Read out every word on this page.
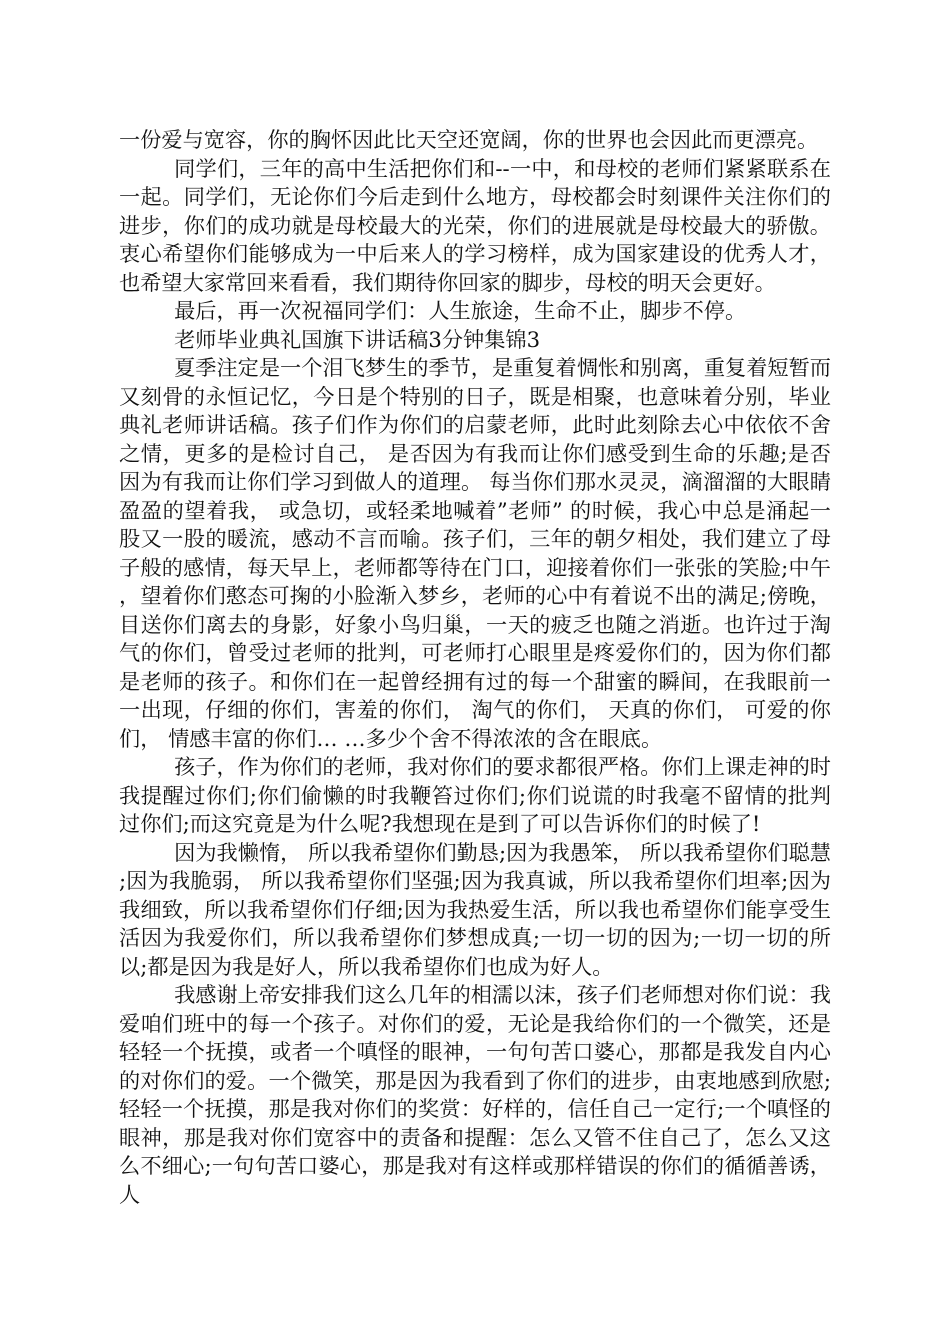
一份爱与宽容，你的胸怀因此比天空还宽阔，你的世界也会因此而更漂亮。

同学们，三年的高中生活把你们和--一中，和母校的老师们紧紧联系在一起。同学们，无论你们今后走到什么地方，母校都会时刻课件关注你们的进步，你们的成功就是母校最大的光荣，你们的进展就是母校最大的骄傲。衷心希望你们能够成为一中后来人的学习榜样，成为国家建设的优秀人才，也希望大家常回来看看，我们期待你回家的脚步，母校的明天会更好。

最后，再一次祝福同学们：人生旅途，生命不止，脚步不停。

老师毕业典礼国旗下讲话稿3分钟集锦3

夏季注定是一个泪飞梦生的季节，是重复着惆怅和别离，重复着短暂而又刻骨的永恒记忆，今日是个特别的日子，既是相聚，也意味着分别，毕业典礼老师讲话稿。孩子们作为你们的启蒙老师，此时此刻除去心中依依不舍之情，更多的是检讨自己， 是否因为有我而让你们感受到生命的乐趣;是否因为有我而让你们学习到做人的道理。 每当你们那水灵灵，滴溜溜的大眼睛盈盈的望着我， 或急切，或轻柔地喊着”老师” 的时候，我心中总是涌起一股又一股的暖流，感动不言而喻。孩子们，三年的朝夕相处，我们建立了母子般的感情，每天早上，老师都等待在门口，迎接着你们一张张的笑脸;中午，望着你们憨态可掬的小脸渐入梦乡，老师的心中有着说不出的满足;傍晚，目送你们离去的身影，好象小鸟归巢，一天的疲乏也随之消逝。也许过于淘气的你们，曾受过老师的批判，可老师打心眼里是疼爱你们的，因为你们都是老师的孩子。和你们在一起曾经拥有过的每一个甜蜜的瞬间，在我眼前一一出现，仔细的你们，害羞的你们， 淘气的你们， 天真的你们， 可爱的你们， 情感丰富的你们… …多少个舍不得浓浓的含在眼底。

孩子，作为你们的老师，我对你们的要求都很严格。你们上课走神的时我提醒过你们;你们偷懒的时我鞭笞过你们;你们说谎的时我毫不留情的批判过你们;而这究竟是为什么呢?我想现在是到了可以告诉你们的时候了!

因为我懒惰， 所以我希望你们勤恳;因为我愚笨， 所以我希望你们聪慧;因为我脆弱， 所以我希望你们坚强;因为我真诚，所以我希望你们坦率;因为我细致，所以我希望你们仔细;因为我热爱生活，所以我也希望你们能享受生活因为我爱你们，所以我希望你们梦想成真;一切一切的因为;一切一切的所以;都是因为我是好人，所以我希望你们也成为好人。

我感谢上帝安排我们这么几年的相濡以沫，孩子们老师想对你们说：我爱咱们班中的每一个孩子。对你们的爱，无论是我给你们的一个微笑，还是轻轻一个抚摸，或者一个嗔怪的眼神，一句句苦口婆心，那都是我发自内心的对你们的爱。一个微笑，那是因为我看到了你们的进步，由衷地感到欣慰;轻轻一个抚摸，那是我对你们的奖赏：好样的，信任自己一定行;一个嗔怪的眼神，那是我对你们宽容中的责备和提醒：怎么又管不住自己了，怎么又这么不细心;一句句苦口婆心，那是我对有这样或那样错误的你们的循循善诱，人
